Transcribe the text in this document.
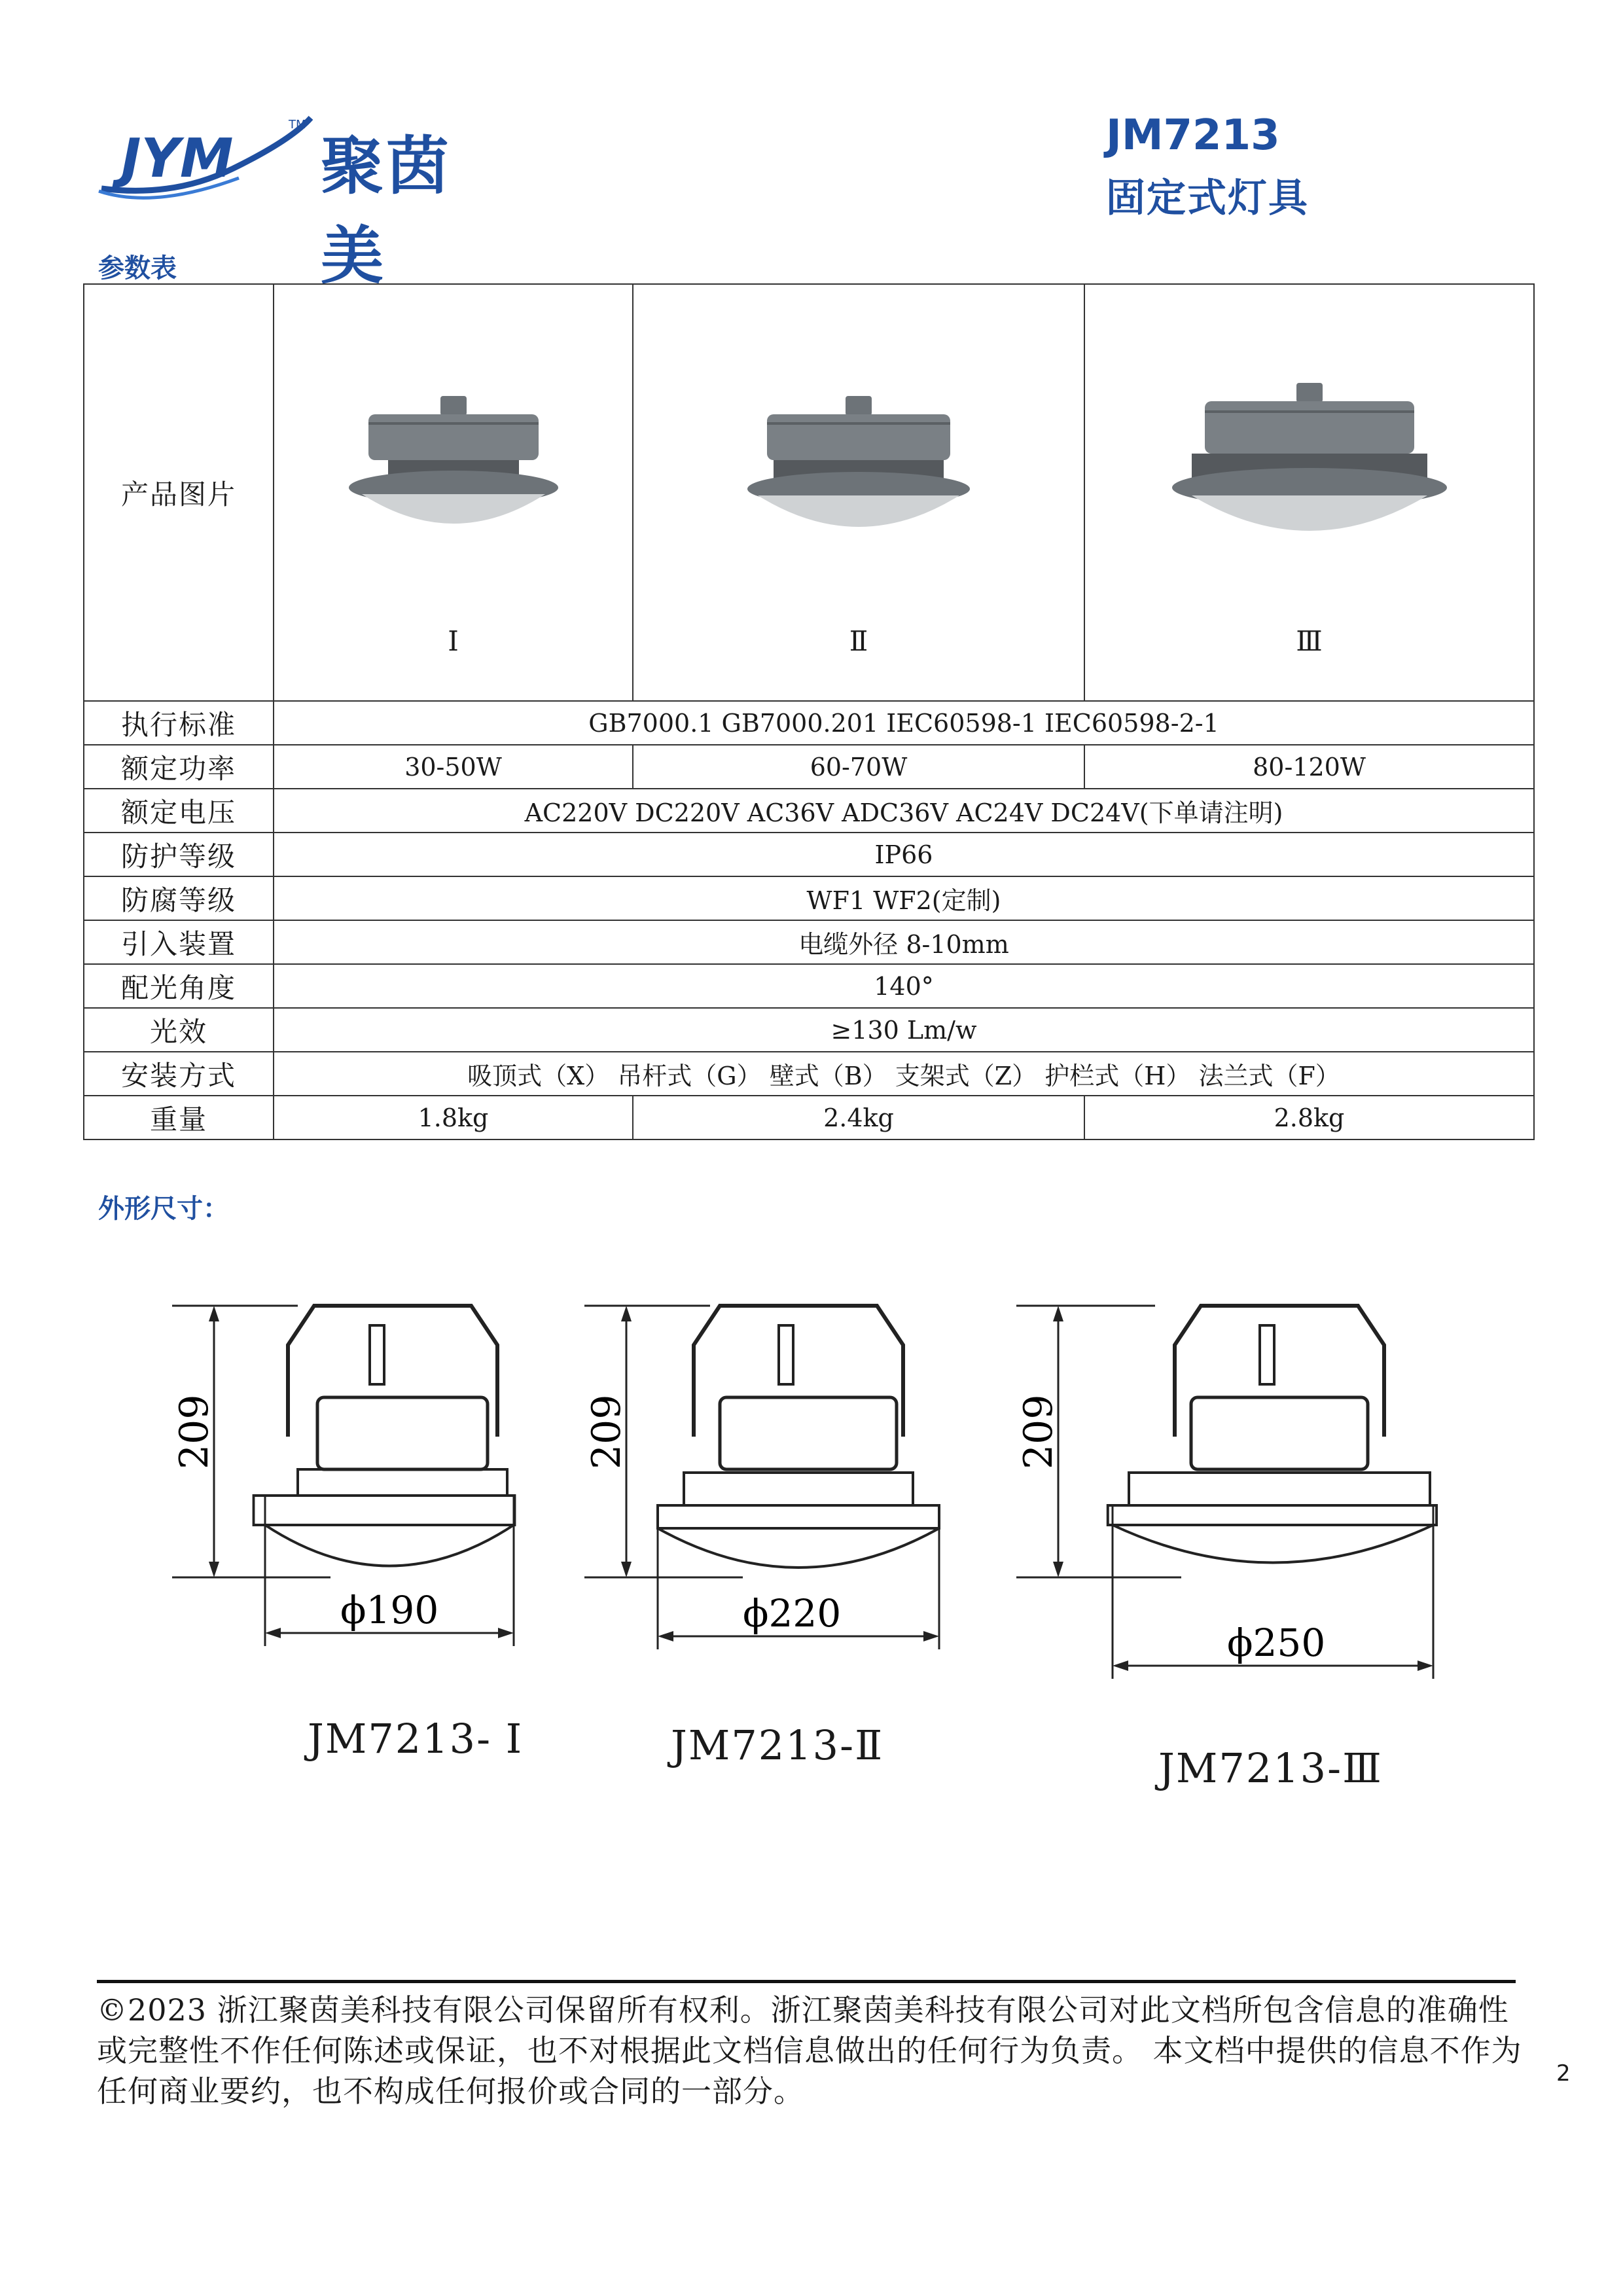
JYM
TM
聚茵美
JM7213
固定式灯具
参数表
产品图片	Ⅰ	Ⅱ	Ⅲ

执行标准	GB7000.1 GB7000.201 IEC60598-1 IEC60598-2-1		
额定功率	30-50W	60-70W	80-120W
额定电压	AC220V DC220V AC36V ADC36V AC24V DC24V(下单请注明)		
防护等级	IP66		
防腐等级	WF1 WF2(定制)		
引入装置	电缆外径 8-10mm		
配光角度	140°		
光效	≥130 Lm/w		
安装方式	吸顶式（X） 吊杆式（G） 壁式（B） 支架式（Z） 护栏式（H） 法兰式（F）		
重量	1.8kg	2.4kg	2.8kg
外形尺寸：
209
ϕ190
JM7213- Ⅰ
209
ϕ220
JM7213-Ⅱ
209
ϕ250
JM7213-Ⅲ
©2023 浙江聚茵美科技有限公司保留所有权利。浙江聚茵美科技有限公司对此文档所包含信息的准确性或完整性不作任何陈述或保证，也不对根据此文档信息做出的任何行为负责。 本文档中提供的信息不作为任何商业要约，也不构成任何报价或合同的一部分。	2
